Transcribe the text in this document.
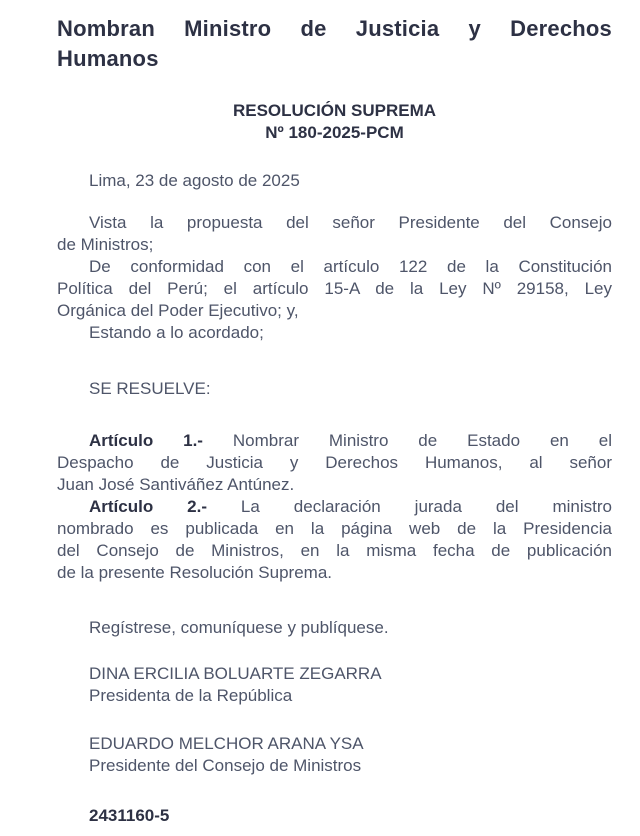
Nombran Ministro de Justicia y Derechos
Humanos
RESOLUCIÓN SUPREMA
Nº 180-2025-PCM

Lima, 23 de agosto de 2025

Vista la propuesta del señor Presidente del Consejo
de Ministros;
De conformidad con el artículo 122 de la Constitución
Política del Perú; el artículo 15-A de la Ley Nº 29158, Ley
Orgánica del Poder Ejecutivo; y,
Estando a lo acordado;

SE RESUELVE:

Artículo 1.- Nombrar Ministro de Estado en el
Despacho de Justicia y Derechos Humanos, al señor
Juan José Santiváñez Antúnez.
Artículo 2.- La declaración jurada del ministro
nombrado es publicada en la página web de la Presidencia
del Consejo de Ministros, en la misma fecha de publicación
de la presente Resolución Suprema.

Regístrese, comuníquese y publíquese.

DINA ERCILIA BOLUARTE ZEGARRA
Presidenta de la República
EDUARDO MELCHOR ARANA YSA
Presidente del Consejo de Ministros

2431160-5
